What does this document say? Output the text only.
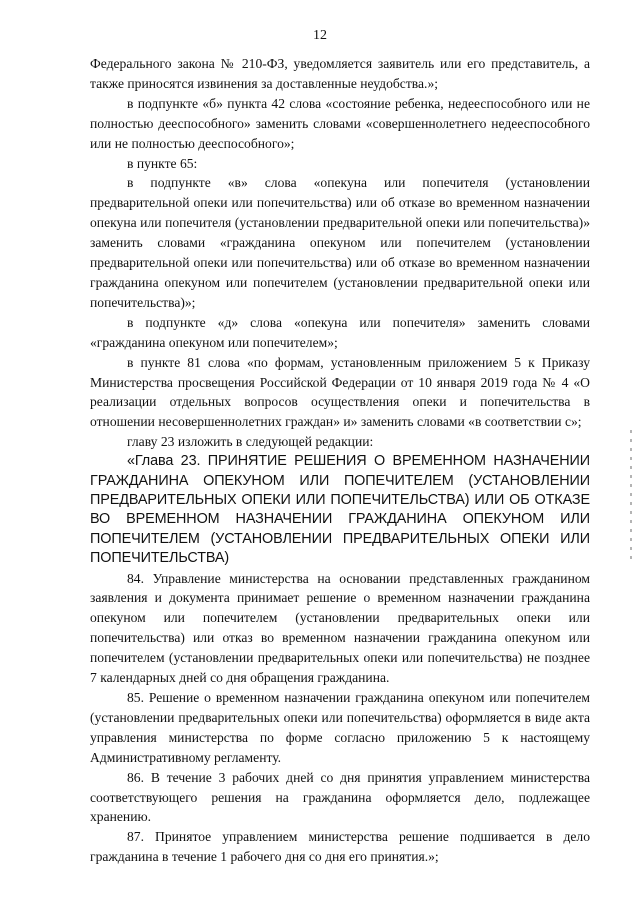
12

Федерального закона № 210-ФЗ, уведомляется заявитель или его представитель, а также приносятся извинения за доставленные неудобства.»;

в подпункте «б» пункта 42 слова «состояние ребенка, недееспособного или не полностью дееспособного» заменить словами «совершеннолетнего недееспособного или не полностью дееспособного»;

в пункте 65:

в подпункте «в» слова «опекуна или попечителя (установлении предварительной опеки или попечительства) или об отказе во временном назначении опекуна или попечителя (установлении предварительной опеки или попечительства)» заменить словами «гражданина опекуном или попечителем (установлении предварительной опеки или попечительства) или об отказе во временном назначении гражданина опекуном или попечителем (установлении предварительной опеки или попечительства)»;

в подпункте «д» слова «опекуна или попечителя» заменить словами «гражданина опекуном или попечителем»;

в пункте 81 слова «по формам, установленным приложением 5 к Приказу Министерства просвещения Российской Федерации от 10 января 2019 года № 4 «О реализации отдельных вопросов осуществления опеки и попечительства в отношении несовершеннолетних граждан» и» заменить словами «в соответствии с»;

главу 23 изложить в следующей редакции:

«Глава 23. ПРИНЯТИЕ РЕШЕНИЯ О ВРЕМЕННОМ НАЗНАЧЕНИИ ГРАЖДАНИНА ОПЕКУНОМ ИЛИ ПОПЕЧИТЕЛЕМ (УСТАНОВЛЕНИИ ПРЕДВАРИТЕЛЬНЫХ ОПЕКИ ИЛИ ПОПЕЧИТЕЛЬСТВА) ИЛИ ОБ ОТКАЗЕ ВО ВРЕМЕННОМ НАЗНАЧЕНИИ ГРАЖДАНИНА ОПЕКУНОМ ИЛИ ПОПЕЧИТЕЛЕМ (УСТАНОВЛЕНИИ ПРЕДВАРИТЕЛЬНЫХ ОПЕКИ ИЛИ ПОПЕЧИТЕЛЬСТВА)

84. Управление министерства на основании представленных гражданином заявления и документа принимает решение о временном назначении гражданина опекуном или попечителем (установлении предварительных опеки или попечительства) или отказ во временном назначении гражданина опекуном или попечителем (установлении предварительных опеки или попечительства) не позднее 7 календарных дней со дня обращения гражданина.

85. Решение о временном назначении гражданина опекуном или попечителем (установлении предварительных опеки или попечительства) оформляется в виде акта управления министерства по форме согласно приложению 5 к настоящему Административному регламенту.

86. В течение 3 рабочих дней со дня принятия управлением министерства соответствующего решения на гражданина оформляется дело, подлежащее хранению.

87. Принятое управлением министерства решение подшивается в дело гражданина в течение 1 рабочего дня со дня его принятия.»;
